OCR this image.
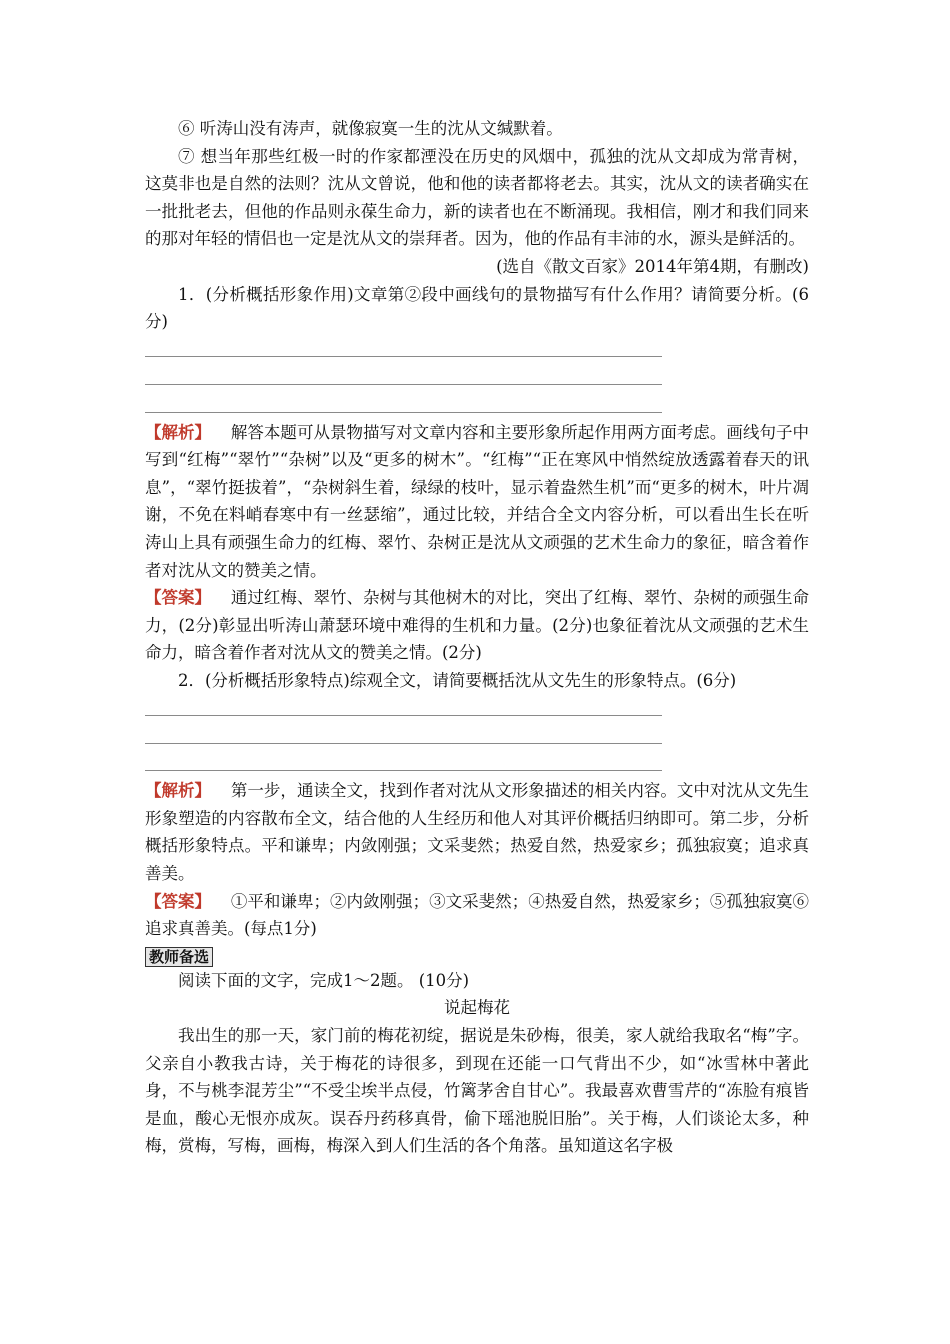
⑥ 听涛山没有涛声，就像寂寞一生的沈从文缄默着。

⑦ 想当年那些红极一时的作家都湮没在历史的风烟中，孤独的沈从文却成为常青树，这莫非也是自然的法则？沈从文曾说，他和他的读者都将老去。其实，沈从文的读者确实在一批批老去，但他的作品则永葆生命力，新的读者也在不断涌现。我相信，刚才和我们同来的那对年轻的情侣也一定是沈从文的崇拜者。因为，他的作品有丰沛的水，源头是鲜活的。

(选自《散文百家》2014年第4期，有删改)

1．(分析概括形象作用)文章第②段中画线句的景物描写有什么作用？请简要分析。(6分)

【解析】 解答本题可从景物描写对文章内容和主要形象所起作用两方面考虑。画线句子中写到“红梅”“翠竹”“杂树”以及“更多的树木”。“红梅”“正在寒风中悄然绽放透露着春天的讯息”，“翠竹挺拔着”，“杂树斜生着，绿绿的枝叶，显示着盎然生机”而“更多的树木，叶片凋谢，不免在料峭春寒中有一丝瑟缩”，通过比较，并结合全文内容分析，可以看出生长在听涛山上具有顽强生命力的红梅、翠竹、杂树正是沈从文顽强的艺术生命力的象征，暗含着作者对沈从文的赞美之情。

【答案】 通过红梅、翠竹、杂树与其他树木的对比，突出了红梅、翠竹、杂树的顽强生命力，(2分)彰显出听涛山萧瑟环境中难得的生机和力量。(2分)也象征着沈从文顽强的艺术生命力，暗含着作者对沈从文的赞美之情。(2分)

2．(分析概括形象特点)综观全文，请简要概括沈从文先生的形象特点。(6分)

【解析】 第一步，通读全文，找到作者对沈从文形象描述的相关内容。文中对沈从文先生形象塑造的内容散布全文，结合他的人生经历和他人对其评价概括归纳即可。第二步，分析概括形象特点。平和谦卑；内敛刚强；文采斐然；热爱自然，热爱家乡；孤独寂寞；追求真善美。

【答案】 ①平和谦卑；②内敛刚强；③文采斐然；④热爱自然，热爱家乡；⑤孤独寂寞⑥追求真善美。(每点1分)

教师备选

阅读下面的文字，完成1～2题。 (10分)

说起梅花

我出生的那一天，家门前的梅花初绽，据说是朱砂梅，很美，家人就给我取名“梅”字。父亲自小教我古诗，关于梅花的诗很多，到现在还能一口气背出不少，如“冰雪林中著此身，不与桃李混芳尘”“不受尘埃半点侵，竹篱茅舍自甘心”。我最喜欢曹雪芹的“冻脸有痕皆是血，酸心无恨亦成灰。误吞丹药移真骨，偷下瑶池脱旧胎”。关于梅，人们谈论太多，种梅，赏梅，写梅，画梅，梅深入到人们生活的各个角落。虽知道这名字极
